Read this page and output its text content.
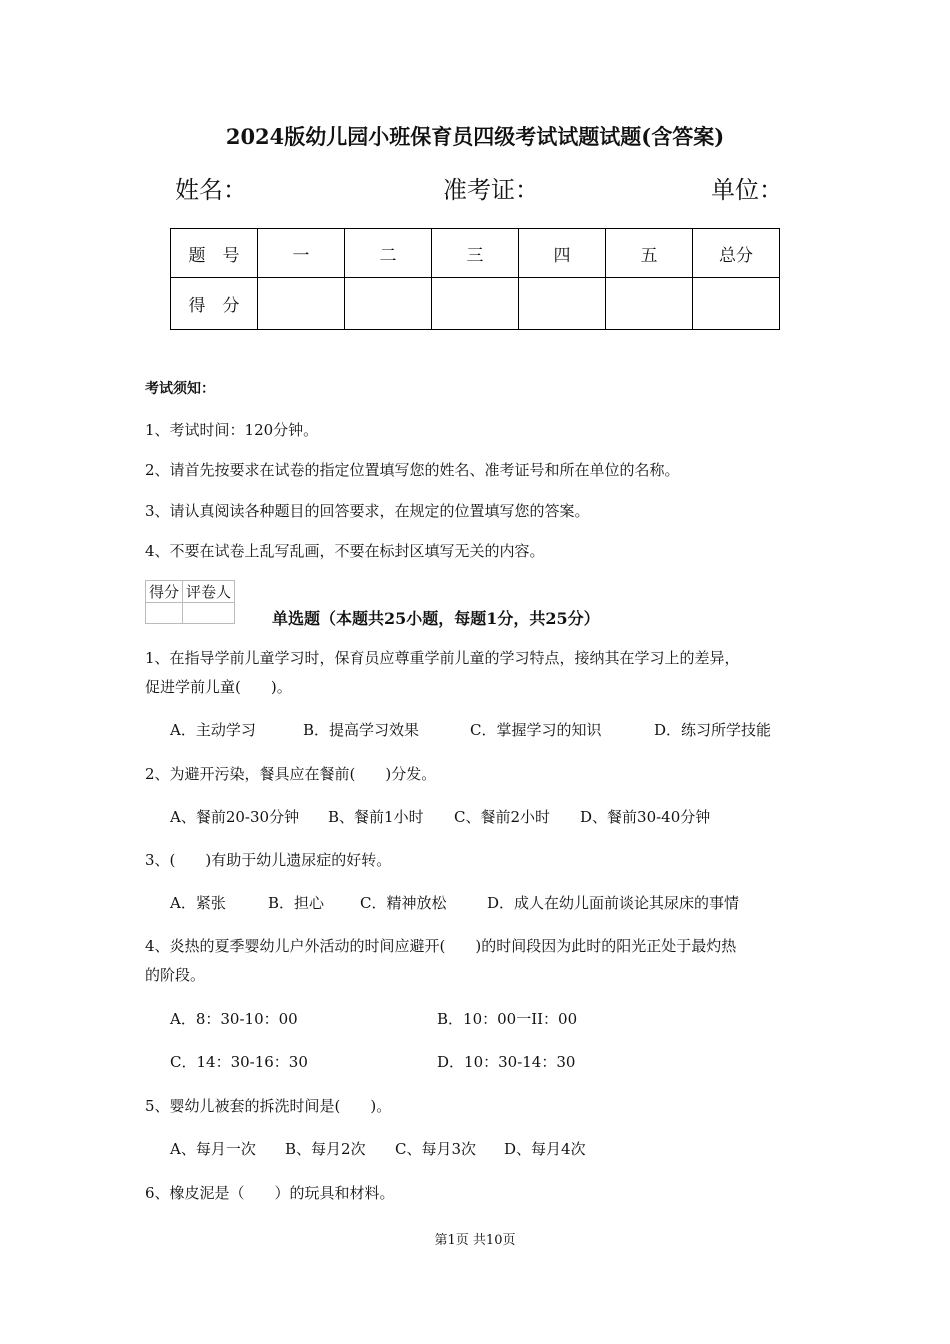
2024版幼儿园小班保育员四级考试试题试题(含答案)
姓名：	准考证：	单位：
题　号	一	二	三	四	五	总分
得　分						
考试须知：
1、考试时间：120分钟。
2、请首先按要求在试卷的指定位置填写您的姓名、准考证号和所在单位的名称。
3、请认真阅读各种题目的回答要求，在规定的位置填写您的答案。
4、不要在试卷上乱写乱画，不要在标封区填写无关的内容。
得分	评卷人

单选题（本题共25小题，每题1分，共25分）
1、在指导学前儿童学习时，保育员应尊重学前儿童的学习特点，接纳其在学习上的差异，
促进学前儿童(　　)。
A．主动学习	B．提高学习效果	C．掌握学习的知识	D．练习所学技能
2、为避开污染，餐具应在餐前(　　)分发。
A、餐前20-30分钟 B、餐前1小时 C、餐前2小时 D、餐前30-40分钟
3、(　　)有助于幼儿遗尿症的好转。
A．紧张	B．担心 C．精神放松	D．成人在幼儿面前谈论其尿床的事情
4、炎热的夏季婴幼儿户外活动的时间应避开(　　)的时间段因为此时的阳光正处于最灼热
的阶段。
A．8：30-10：00	B．10：00一II：00
C．14：30-16：30	D．10：30-14：30
5、婴幼儿被套的拆洗时间是(　　)。
A、每月一次 B、每月2次 C、每月3次 D、每月4次
6、橡皮泥是（　　）的玩具和材料。
第1页 共10页
